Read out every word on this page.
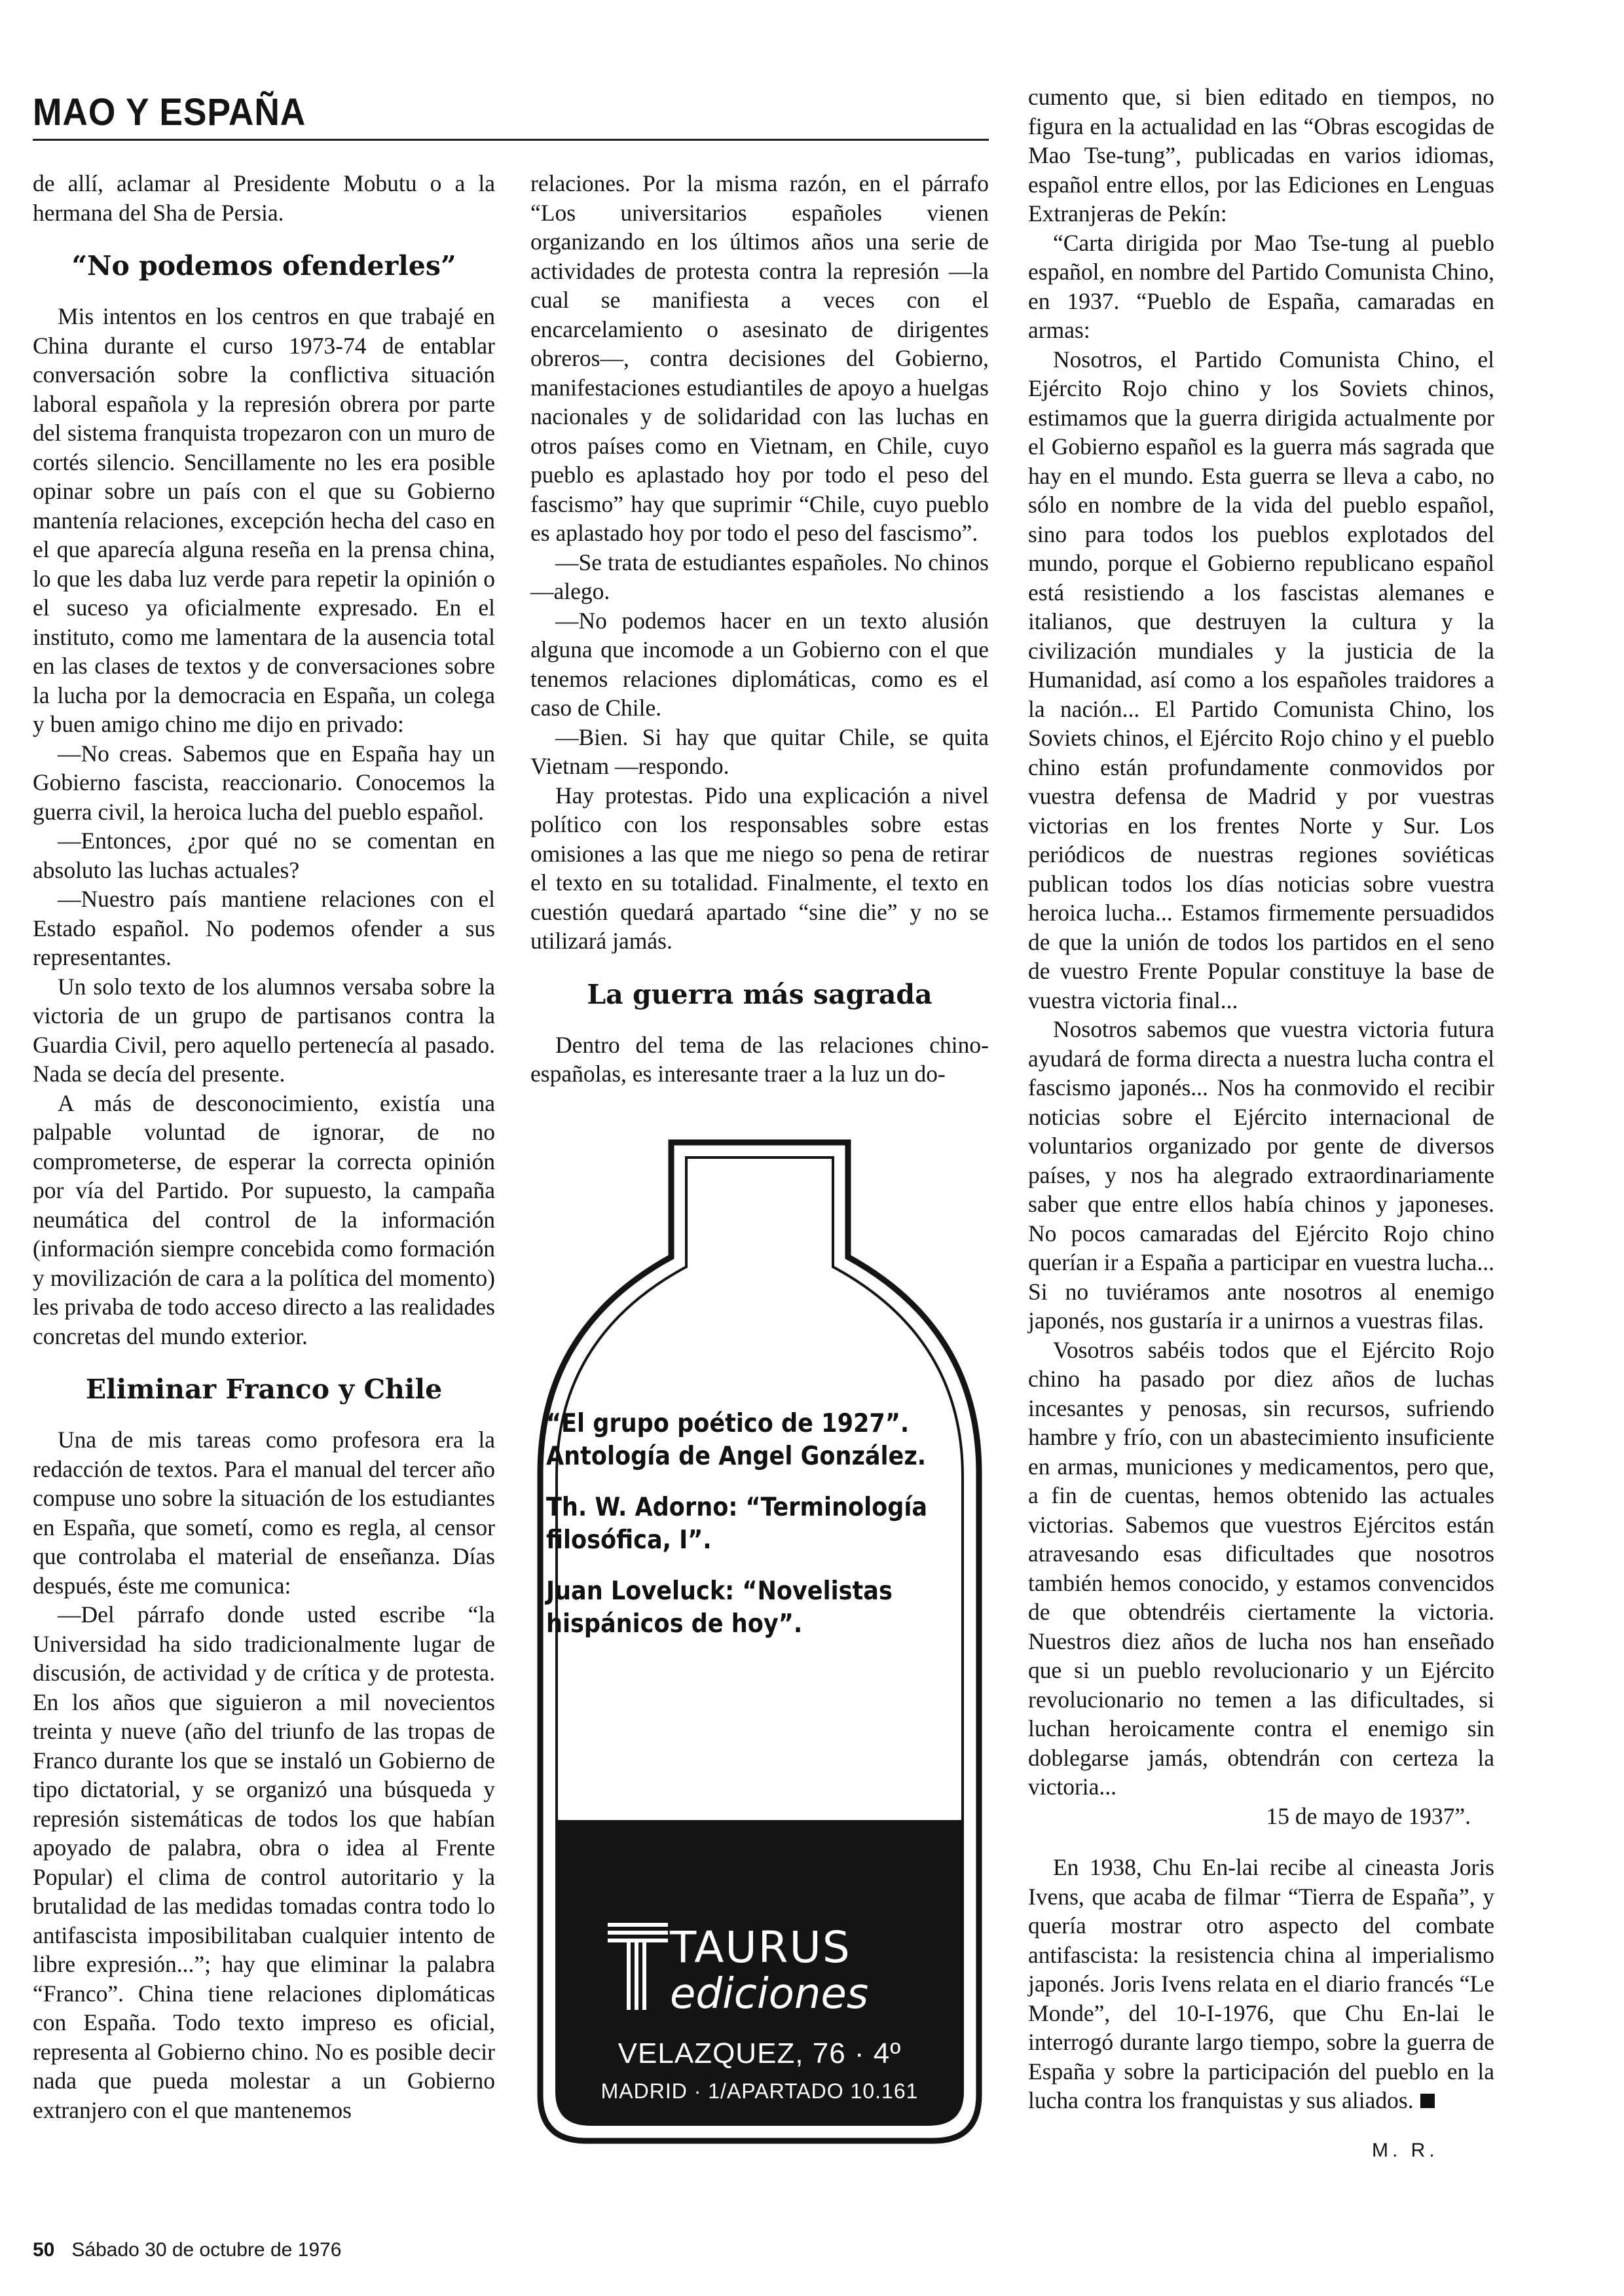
MAO Y ESPAÑA

de allí, aclamar al Presidente Mobutu o a la hermana del Sha de Persia.

“No podemos ofenderles”

Mis intentos en los centros en que trabajé en China durante el curso 1973-74 de entablar conversación sobre la conflictiva situación laboral española y la represión obrera por parte del sistema franquista tropezaron con un muro de cortés silencio. Sencillamente no les era posible opinar sobre un país con el que su Gobierno mantenía relaciones, excepción hecha del caso en el que aparecía alguna reseña en la prensa china, lo que les daba luz verde para repetir la opinión o el suceso ya oficialmente expresado. En el instituto, como me lamentara de la ausencia total en las clases de textos y de conversaciones sobre la lucha por la democracia en España, un colega y buen amigo chino me dijo en privado:

—No creas. Sabemos que en España hay un Gobierno fascista, reaccionario. Conocemos la guerra civil, la heroica lucha del pueblo español.

—Entonces, ¿por qué no se comentan en absoluto las luchas actuales?

—Nuestro país mantiene relaciones con el Estado español. No podemos ofender a sus representantes.

Un solo texto de los alumnos versaba sobre la victoria de un grupo de partisanos contra la Guardia Civil, pero aquello pertenecía al pasado. Nada se decía del presente.

A más de desconocimiento, existía una palpable voluntad de ignorar, de no comprometerse, de esperar la correcta opinión por vía del Partido. Por supuesto, la campaña neumática del control de la información (información siempre concebida como formación y movilización de cara a la política del momento) les privaba de todo acceso directo a las realidades concretas del mundo exterior.

Eliminar Franco y Chile

Una de mis tareas como profesora era la redacción de textos. Para el manual del tercer año compuse uno sobre la situación de los estudiantes en España, que sometí, como es regla, al censor que controlaba el material de enseñanza. Días después, éste me comunica:

—Del párrafo donde usted escribe “la Universidad ha sido tradicionalmente lugar de discusión, de actividad y de crítica y de protesta. En los años que siguieron a mil novecientos treinta y nueve (año del triunfo de las tropas de Franco durante los que se instaló un Gobierno de tipo dictatorial, y se organizó una búsqueda y represión sistemáticas de todos los que habían apoyado de palabra, obra o idea al Frente Popular) el clima de control autoritario y la brutalidad de las medidas tomadas contra todo lo antifascista imposibilitaban cualquier intento de libre expresión...”; hay que eliminar la palabra “Franco”. China tiene relaciones diplomáticas con España. Todo texto impreso es oficial, representa al Gobierno chino. No es posible decir nada que pueda molestar a un Gobierno extranjero con el que mantenemos

relaciones. Por la misma razón, en el párrafo “Los universitarios españoles vienen organizando en los últimos años una serie de actividades de protesta contra la represión —la cual se manifiesta a veces con el encarcelamiento o asesinato de dirigentes obreros—, contra decisiones del Gobierno, manifestaciones estudiantiles de apoyo a huelgas nacionales y de solidaridad con las luchas en otros países como en Vietnam, en Chile, cuyo pueblo es aplastado hoy por todo el peso del fascismo” hay que suprimir “Chile, cuyo pueblo es aplastado hoy por todo el peso del fascismo”.

—Se trata de estudiantes españoles. No chinos —alego.

—No podemos hacer en un texto alusión alguna que incomode a un Gobierno con el que tenemos relaciones diplomáticas, como es el caso de Chile.

—Bien. Si hay que quitar Chile, se quita Vietnam —respondo.

Hay protestas. Pido una explicación a nivel político con los responsables sobre estas omisiones a las que me niego so pena de retirar el texto en su totalidad. Finalmente, el texto en cuestión quedará apartado “sine die” y no se utilizará jamás.

La guerra más sagrada

Dentro del tema de las relaciones chino-españolas, es interesante traer a la luz un do-

cumento que, si bien editado en tiempos, no figura en la actualidad en las “Obras escogidas de Mao Tse-tung”, publicadas en varios idiomas, español entre ellos, por las Ediciones en Lenguas Extranjeras de Pekín:

“Carta dirigida por Mao Tse-tung al pueblo español, en nombre del Partido Comunista Chino, en 1937. “Pueblo de España, camaradas en armas:

Nosotros, el Partido Comunista Chino, el Ejército Rojo chino y los Soviets chinos, estimamos que la guerra dirigida actualmente por el Gobierno español es la guerra más sagrada que hay en el mundo. Esta guerra se lleva a cabo, no sólo en nombre de la vida del pueblo español, sino para todos los pueblos explotados del mundo, porque el Gobierno republicano español está resistiendo a los fascistas alemanes e italianos, que destruyen la cultura y la civilización mundiales y la justicia de la Humanidad, así como a los españoles traidores a la nación... El Partido Comunista Chino, los Soviets chinos, el Ejército Rojo chino y el pueblo chino están profundamente conmovidos por vuestra defensa de Madrid y por vuestras victorias en los frentes Norte y Sur. Los periódicos de nuestras regiones soviéticas publican todos los días noticias sobre vuestra heroica lucha... Estamos firmemente persuadidos de que la unión de todos los partidos en el seno de vuestro Frente Popular constituye la base de vuestra victoria final...

Nosotros sabemos que vuestra victoria futura ayudará de forma directa a nuestra lucha contra el fascismo japonés... Nos ha conmovido el recibir noticias sobre el Ejército internacional de voluntarios organizado por gente de diversos países, y nos ha alegrado extraordinariamente saber que entre ellos había chinos y japoneses. No pocos camaradas del Ejército Rojo chino querían ir a España a participar en vuestra lucha... Si no tuviéramos ante nosotros al enemigo japonés, nos gustaría ir a unirnos a vuestras filas.

Vosotros sabéis todos que el Ejército Rojo chino ha pasado por diez años de luchas incesantes y penosas, sin recursos, sufriendo hambre y frío, con un abastecimiento insuficiente en armas, municiones y medicamentos, pero que, a fin de cuentas, hemos obtenido las actuales victorias. Sabemos que vuestros Ejércitos están atravesando esas dificultades que nosotros también hemos conocido, y estamos convencidos de que obtendréis ciertamente la victoria. Nuestros diez años de lucha nos han enseñado que si un pueblo revolucionario y un Ejército revolucionario no temen a las dificultades, si luchan heroicamente contra el enemigo sin doblegarse jamás, obtendrán con certeza la victoria...

15 de mayo de 1937”.

En 1938, Chu En-lai recibe al cineasta Joris Ivens, que acaba de filmar “Tierra de España”, y quería mostrar otro aspecto del combate antifascista: la resistencia china al imperialismo japonés. Joris Ivens relata en el diario francés “Le Monde”, del 10-I-1976, que Chu En-lai le interrogó durante largo tiempo, sobre la guerra de España y sobre la participación del pueblo en la lucha contra los franquistas y sus aliados.

“El grupo poético de 1927”. Antología de Angel González.

Th. W. Adorno: “Terminología filosófica, I”.

Juan Loveluck: “Novelistas hispánicos de hoy”.

TAURUS
ediciones
VELAZQUEZ, 76 · 4º
MADRID · 1/APARTADO 10.161
M. R.
50 Sábado 30 de octubre de 1976
